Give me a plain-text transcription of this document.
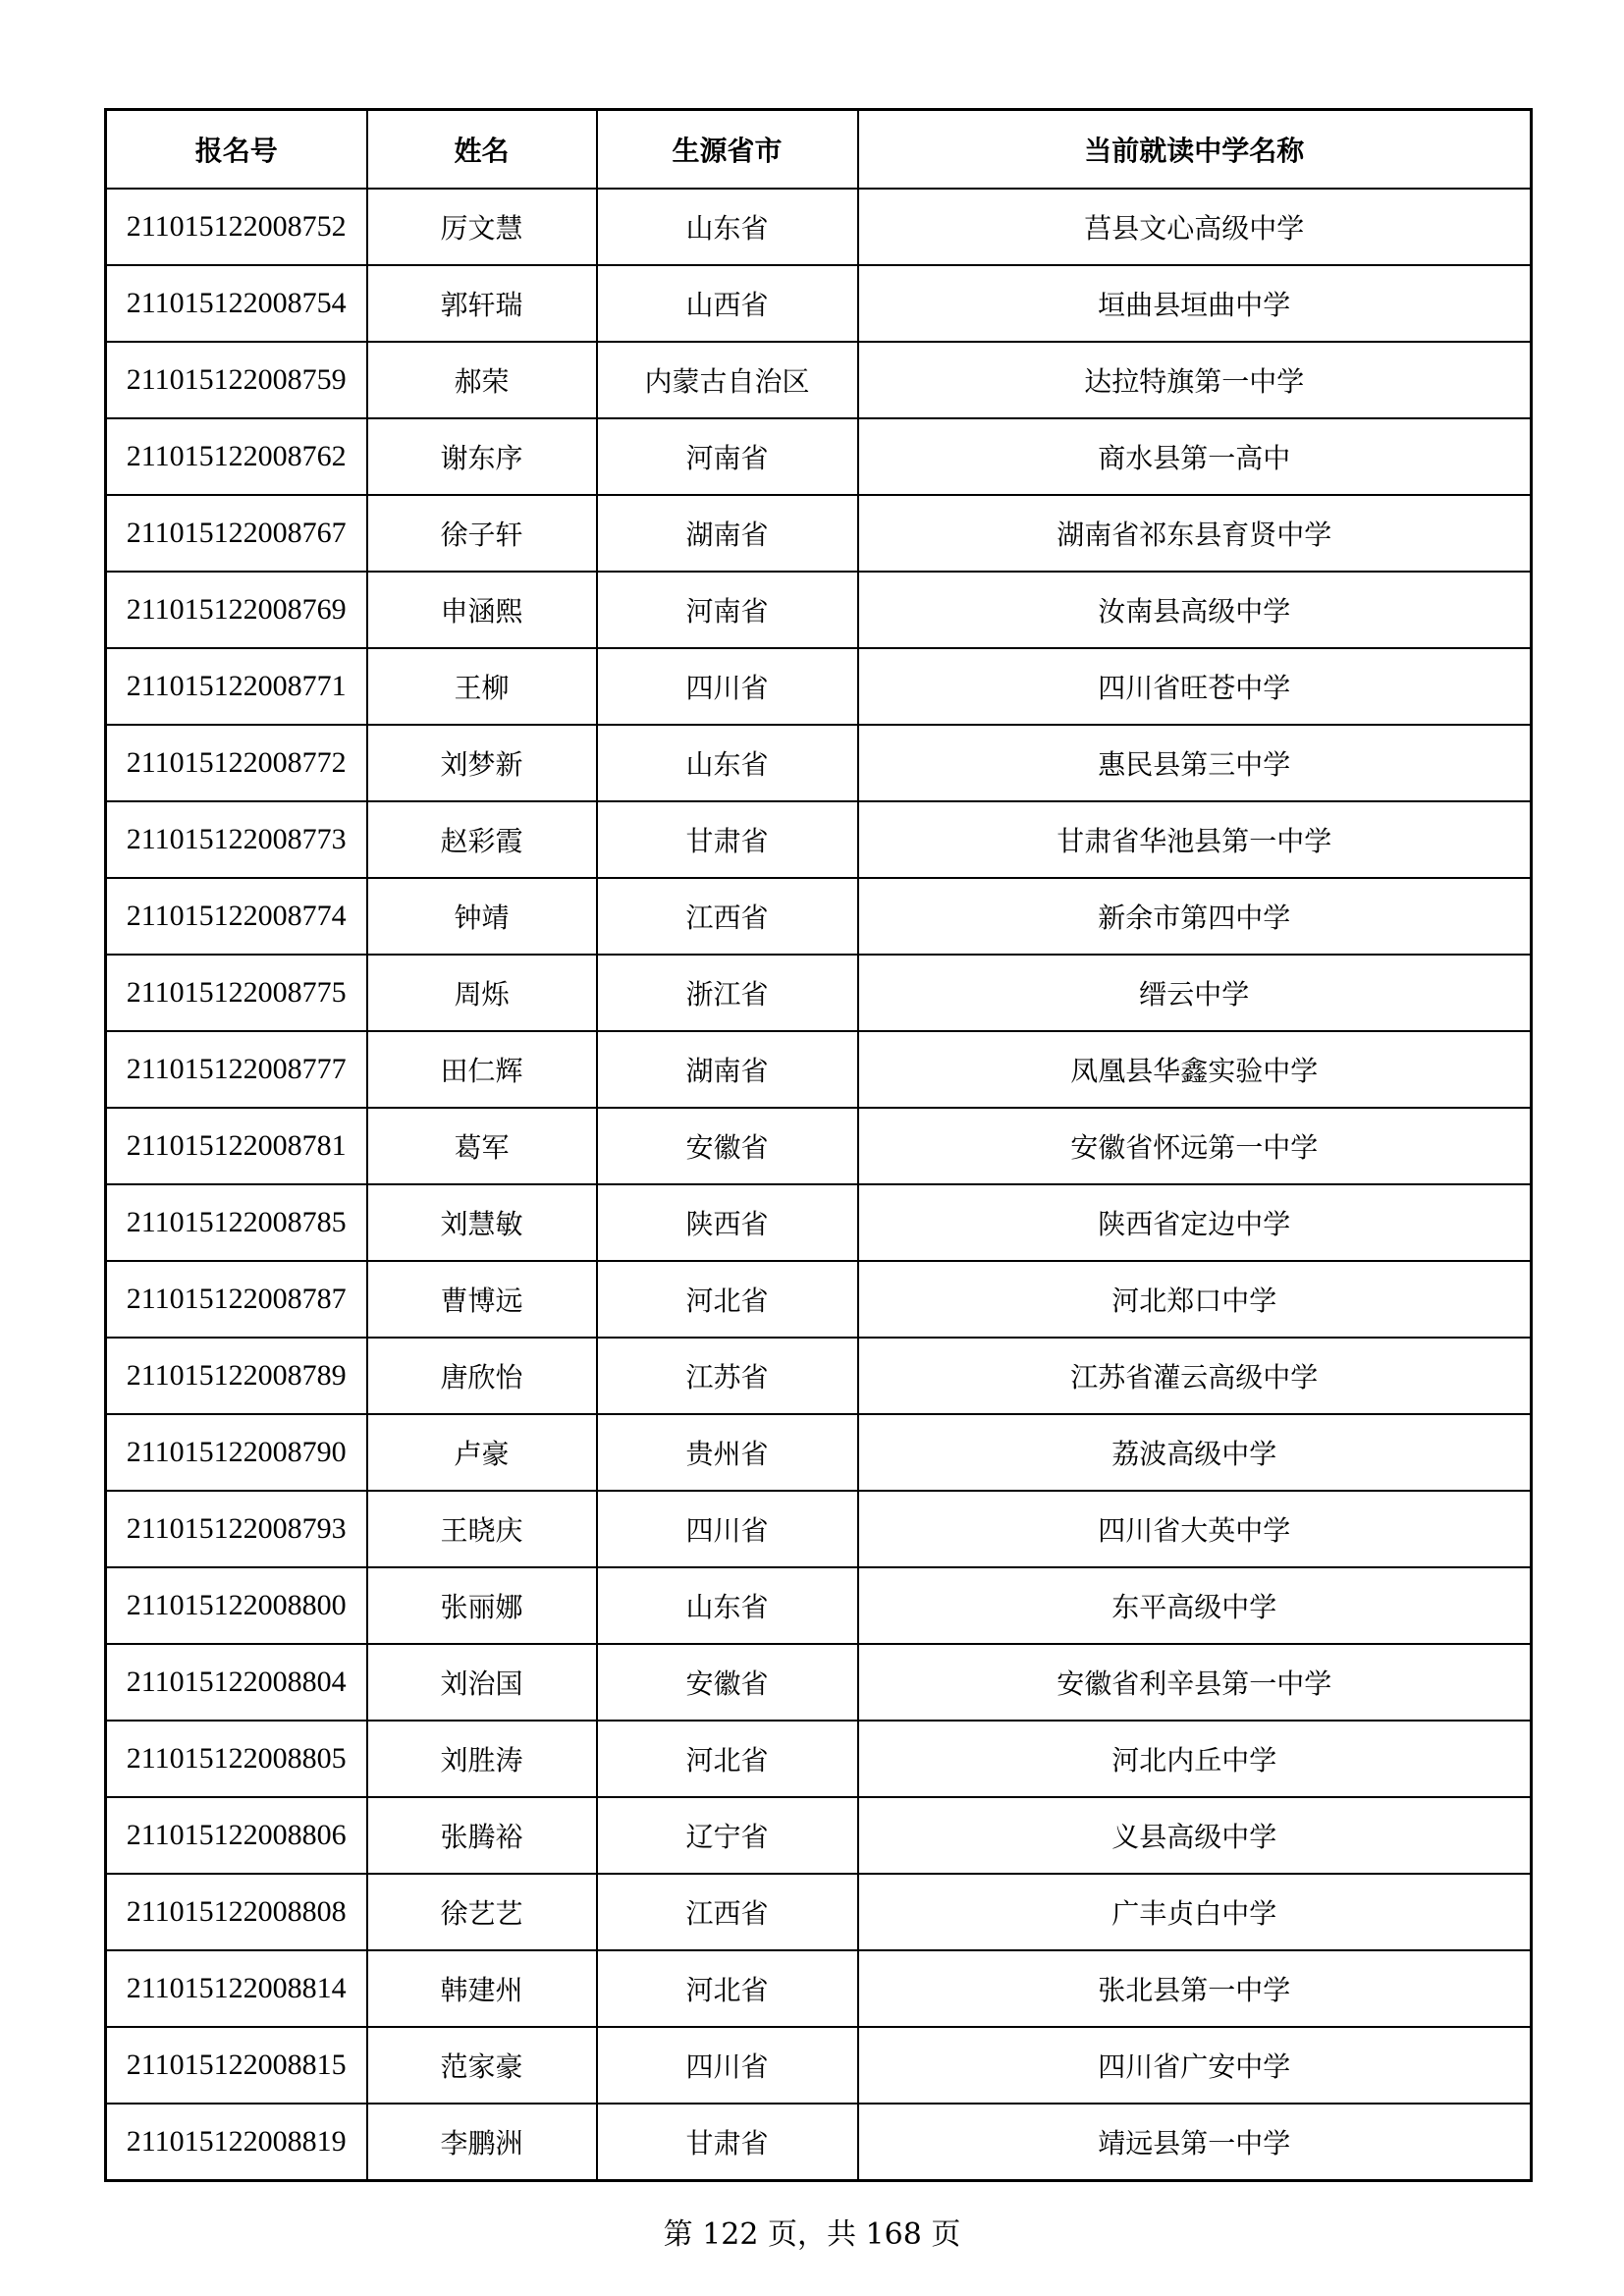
报名号	姓名	生源省市	当前就读中学名称
211015122008752	厉文慧	山东省	莒县文心高级中学
211015122008754	郭轩瑞	山西省	垣曲县垣曲中学
211015122008759	郝荣	内蒙古自治区	达拉特旗第一中学
211015122008762	谢东序	河南省	商水县第一高中
211015122008767	徐子轩	湖南省	湖南省祁东县育贤中学
211015122008769	申涵熙	河南省	汝南县高级中学
211015122008771	王柳	四川省	四川省旺苍中学
211015122008772	刘梦新	山东省	惠民县第三中学
211015122008773	赵彩霞	甘肃省	甘肃省华池县第一中学
211015122008774	钟靖	江西省	新余市第四中学
211015122008775	周烁	浙江省	缙云中学
211015122008777	田仁辉	湖南省	凤凰县华鑫实验中学
211015122008781	葛军	安徽省	安徽省怀远第一中学
211015122008785	刘慧敏	陕西省	陕西省定边中学
211015122008787	曹博远	河北省	河北郑口中学
211015122008789	唐欣怡	江苏省	江苏省灌云高级中学
211015122008790	卢豪	贵州省	荔波高级中学
211015122008793	王晓庆	四川省	四川省大英中学
211015122008800	张丽娜	山东省	东平高级中学
211015122008804	刘治国	安徽省	安徽省利辛县第一中学
211015122008805	刘胜涛	河北省	河北内丘中学
211015122008806	张腾裕	辽宁省	义县高级中学
211015122008808	徐艺艺	江西省	广丰贞白中学
211015122008814	韩建州	河北省	张北县第一中学
211015122008815	范家豪	四川省	四川省广安中学
211015122008819	李鹏洲	甘肃省	靖远县第一中学
第 122 页，共 168 页
